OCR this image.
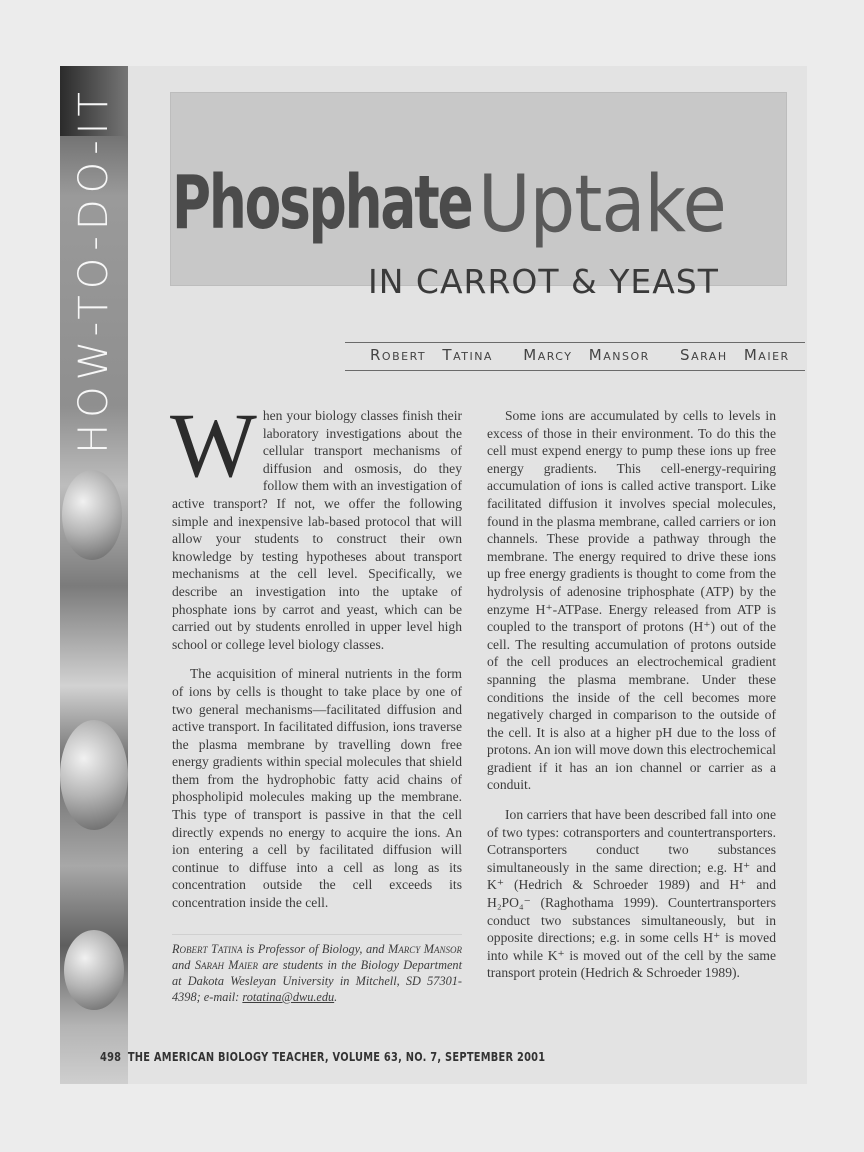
HOW-TO-DO-IT Phosphate Uptake
IN CARROT & YEAST
Robert Tatina Marcy Mansor Sarah Maier

When your biology classes finish their laboratory investigations about the cellular transport mechanisms of diffusion and osmosis, do they follow them with an investigation of active transport? If not, we offer the following simple and inexpensive lab-based protocol that will allow your students to construct their own knowledge by testing hypotheses about transport mechanisms at the cell level. Specifically, we describe an investigation into the uptake of phosphate ions by carrot and yeast, which can be carried out by students enrolled in upper level high school or college level biology classes.

The acquisition of mineral nutrients in the form of ions by cells is thought to take place by one of two general mechanisms—facilitated diffusion and active transport. In facilitated diffusion, ions traverse the plasma membrane by travelling down free energy gradients within special molecules that shield them from the hydrophobic fatty acid chains of phospholipid molecules making up the membrane. This type of transport is passive in that the cell directly expends no energy to acquire the ions. An ion entering a cell by facilitated diffusion will continue to diffuse into a cell as long as its concentration outside the cell exceeds its concentration inside the cell.

Some ions are accumulated by cells to levels in excess of those in their environment. To do this the cell must expend energy to pump these ions up free energy gradients. This cell-energy-requiring accumulation of ions is called active transport. Like facilitated diffusion it involves special molecules, found in the plasma membrane, called carriers or ion channels. These provide a pathway through the membrane. The energy required to drive these ions up free energy gradients is thought to come from the hydrolysis of adenosine triphosphate (ATP) by the enzyme H⁺-ATPase. Energy released from ATP is coupled to the transport of protons (H⁺) out of the cell. The resulting accumulation of protons outside of the cell produces an electrochemical gradient spanning the plasma membrane. Under these conditions the inside of the cell becomes more negatively charged in comparison to the outside of the cell. It is also at a higher pH due to the loss of protons. An ion will move down this electrochemical gradient if it has an ion channel or carrier as a conduit.

Ion carriers that have been described fall into one of two types: cotransporters and countertransporters. Cotransporters conduct two substances simultaneously in the same direction; e.g. H⁺ and K⁺ (Hedrich & Schroeder 1989) and H⁺ and H₂PO₄⁻ (Raghothama 1999). Countertransporters conduct two substances simultaneously, but in opposite directions; e.g. in some cells H⁺ is moved into while K⁺ is moved out of the cell by the same transport protein (Hedrich & Schroeder 1989).

Robert Tatina is Professor of Biology, and Marcy Mansor and Sarah Maier are students in the Biology Department at Dakota Wesleyan University in Mitchell, SD 57301-4398; e-mail: rotatina@dwu.edu.
498 THE AMERICAN BIOLOGY TEACHER, VOLUME 63, NO. 7, SEPTEMBER 2001
